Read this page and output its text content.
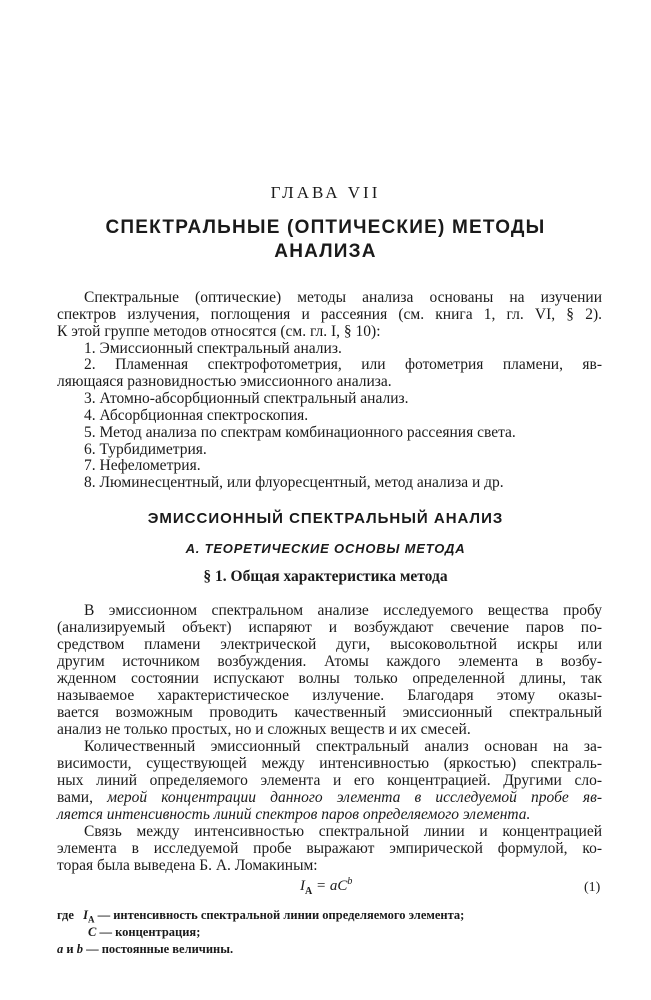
ГЛАВА VII
СПЕКТРАЛЬНЫЕ (ОПТИЧЕСКИЕ) МЕТОДЫ
АНАЛИЗА
Спектральные (оптические) методы анализа основаны на изучении
спектров излучения, поглощения и рассеяния (см. книга 1, гл. VI, § 2).
К этой группе методов относятся (см. гл. I, § 10):
1. Эмиссионный спектральный анализ.
2. Пламенная спектрофотометрия, или фотометрия пламени, яв-
ляющаяся разновидностью эмиссионного анализа.
3. Атомно-абсорбционный спектральный анализ.
4. Абсорбционная спектроскопия.
5. Метод анализа по спектрам комбинационного рассеяния света.
6. Турбидиметрия.
7. Нефелометрия.
8. Люминесцентный, или флуоресцентный, метод анализа и др.
ЭМИССИОННЫЙ СПЕКТРАЛЬНЫЙ АНАЛИЗ
А. ТЕОРЕТИЧЕСКИЕ ОСНОВЫ МЕТОДА
§ 1. Общая характеристика метода
В эмиссионном спектральном анализе исследуемого вещества пробу
(анализируемый объект) испаряют и возбуждают свечение паров по-
средством пламени электрической дуги, высоковольтной искры или
другим источником возбуждения. Атомы каждого элемента в возбу-
жденном состоянии испускают волны только определенной длины, так
называемое характеристическое излучение. Благодаря этому оказы-
вается возможным проводить качественный эмиссионный спектральный
анализ не только простых, но и сложных веществ и их смесей.
Количественный эмиссионный спектральный анализ основан на за-
висимости, существующей между интенсивностью (яркостью) спектраль-
ных линий определяемого элемента и его концентрацией. Другими сло-
вами, мерой концентрации данного элемента в исследуемой пробе яв-
ляется интенсивность линий спектров паров определяемого элемента.
Связь между интенсивностью спектральной линии и концентрацией
элемента в исследуемой пробе выражают эмпирической формулой, ко-
торая была выведена Б. А. Ломакиным:
$I_A = aC^b$	(1)
где $I_A$ — интенсивность спектральной линии определяемого элемента;
C — концентрация;
a и b — постоянные величины.
